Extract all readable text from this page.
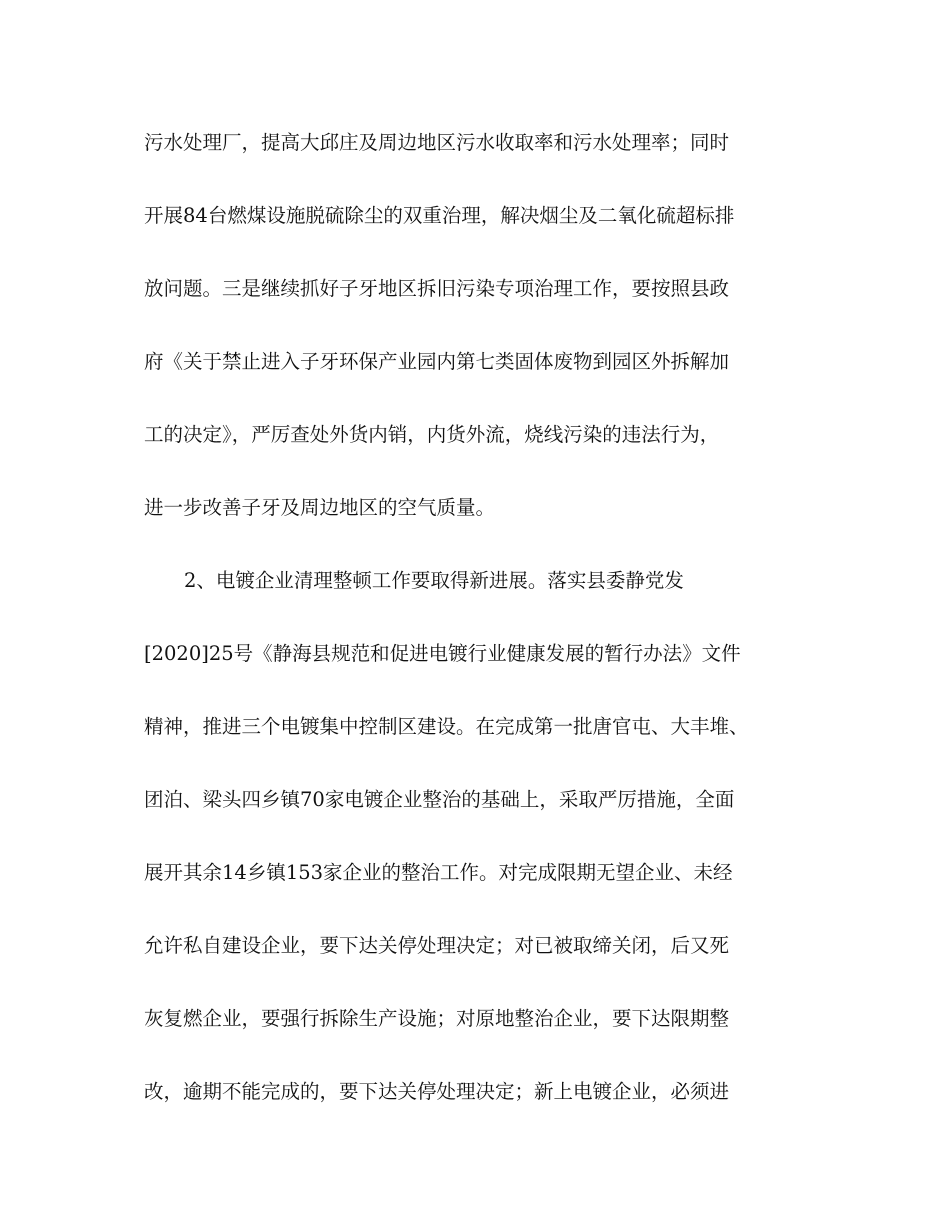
污水处理厂，提高大邱庄及周边地区污水收取率和污水处理率；同时
开展84台燃煤设施脱硫除尘的双重治理，解决烟尘及二氧化硫超标排
放问题。三是继续抓好子牙地区拆旧污染专项治理工作，要按照县政
府《关于禁止进入子牙环保产业园内第七类固体废物到园区外拆解加
工的决定》，严厉查处外货内销，内货外流，烧线污染的违法行为，
进一步改善子牙及周边地区的空气质量。
2、电镀企业清理整顿工作要取得新进展。落实县委静党发
[2020]25号《静海县规范和促进电镀行业健康发展的暂行办法》文件
精神，推进三个电镀集中控制区建设。在完成第一批唐官屯、大丰堆、
团泊、梁头四乡镇70家电镀企业整治的基础上，采取严厉措施，全面
展开其余14乡镇153家企业的整治工作。对完成限期无望企业、未经
允许私自建设企业，要下达关停处理决定；对已被取缔关闭，后又死
灰复燃企业，要强行拆除生产设施；对原地整治企业，要下达限期整
改，逾期不能完成的，要下达关停处理决定；新上电镀企业，必须进
